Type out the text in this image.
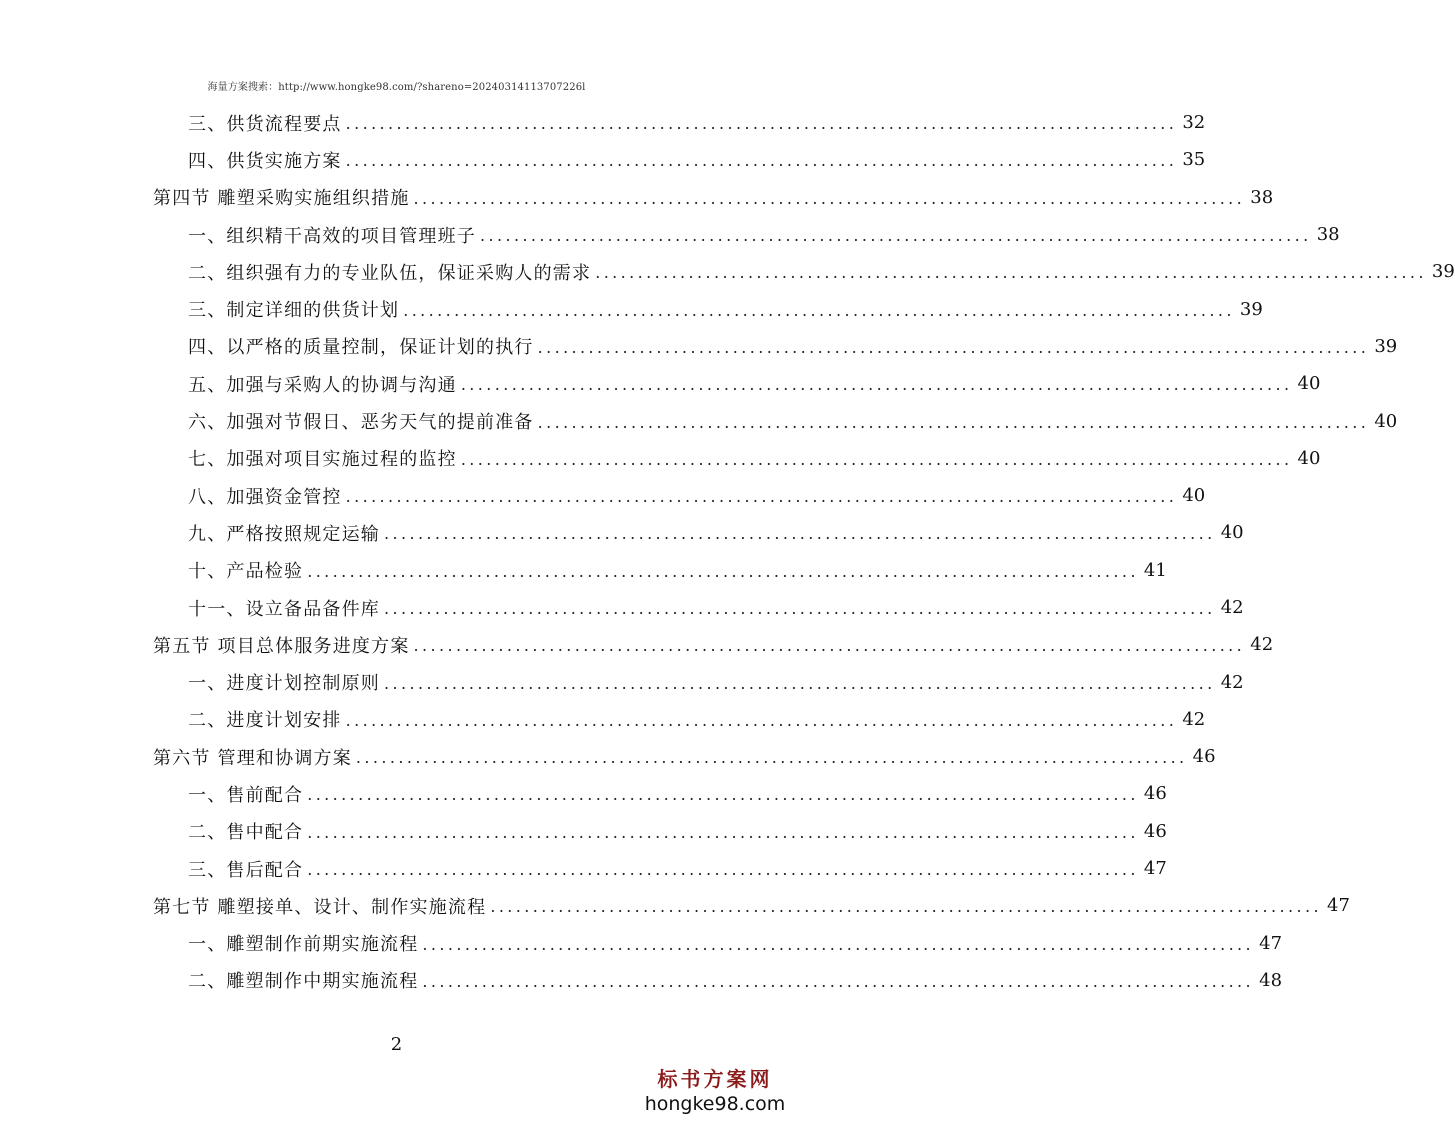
海量方案搜索：http://www.hongke98.com/?shareno=20240314113707226l
三、供货流程要点 .................................................................................................. 32
四、供货实施方案 .................................................................................................. 35
第四节 雕塑采购实施组织措施 .................................................................................................. 38
一、组织精干高效的项目管理班子 .................................................................................................. 38
二、组织强有力的专业队伍，保证采购人的需求 .................................................................................................. 39
三、制定详细的供货计划 .................................................................................................. 39
四、以严格的质量控制，保证计划的执行 .................................................................................................. 39
五、加强与采购人的协调与沟通 .................................................................................................. 40
六、加强对节假日、恶劣天气的提前准备 .................................................................................................. 40
七、加强对项目实施过程的监控 .................................................................................................. 40
八、加强资金管控 .................................................................................................. 40
九、严格按照规定运输 .................................................................................................. 40
十、产品检验 .................................................................................................. 41
十一、设立备品备件库 .................................................................................................. 42
第五节 项目总体服务进度方案 .................................................................................................. 42
一、进度计划控制原则 .................................................................................................. 42
二、进度计划安排 .................................................................................................. 42
第六节 管理和协调方案 .................................................................................................. 46
一、售前配合 .................................................................................................. 46
二、售中配合 .................................................................................................. 46
三、售后配合 .................................................................................................. 47
第七节 雕塑接单、设计、制作实施流程 .................................................................................................. 47
一、雕塑制作前期实施流程 .................................................................................................. 47
二、雕塑制作中期实施流程 .................................................................................................. 48
2
标书方案网
hongke98.com
